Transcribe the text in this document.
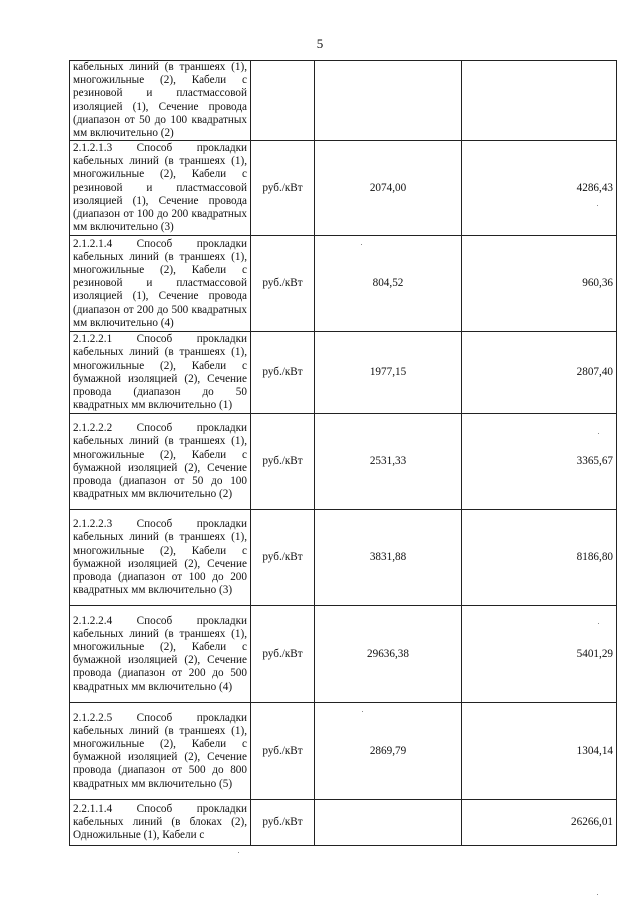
5
кабельных линий (в траншеях (1), многожильные (2), Кабели с резиновой и пластмассовой изоляцией (1), Сечение провода (диапазон от 50 до 100 квадратных мм включительно (2)			
2.1.2.1.3 Способ прокладки кабельных линий (в траншеях (1), многожильные (2), Кабели с резиновой и пластмассовой изоляцией (1), Сечение провода (диапазон от 100 до 200 квадратных мм включительно (3)	руб./кВт	2074,00	4286,43
2.1.2.1.4 Способ прокладки кабельных линий (в траншеях (1), многожильные (2), Кабели с резиновой и пластмассовой изоляцией (1), Сечение провода (диапазон от 200 до 500 квадратных мм включительно (4)	руб./кВт	804,52	960,36
2.1.2.2.1 Способ прокладки кабельных линий (в траншеях (1), многожильные (2), Кабели с бумажной изоляцией (2), Сечение провода (диапазон до 50 квадратных мм включительно (1)	руб./кВт	1977,15	2807,40
2.1.2.2.2 Способ прокладки кабельных линий (в траншеях (1), многожильные (2), Кабели с бумажной изоляцией (2), Сечение провода (диапазон от 50 до 100 квадратных мм включительно (2)	руб./кВт	2531,33	3365,67
2.1.2.2.3 Способ прокладки кабельных линий (в траншеях (1), многожильные (2), Кабели с бумажной изоляцией (2), Сечение провода (диапазон от 100 до 200 квадратных мм включительно (3)	руб./кВт	3831,88	8186,80
2.1.2.2.4 Способ прокладки кабельных линий (в траншеях (1), многожильные (2), Кабели с бумажной изоляцией (2), Сечение провода (диапазон от 200 до 500 квадратных мм включительно (4)	руб./кВт	29636,38	5401,29
2.1.2.2.5 Способ прокладки кабельных линий (в траншеях (1), многожильные (2), Кабели с бумажной изоляцией (2), Сечение провода (диапазон от 500 до 800 квадратных мм включительно (5)	руб./кВт	2869,79	1304,14
2.2.1.1.4 Способ прокладки кабельных линий (в блоках (2), Одножильные (1), Кабели с	руб./кВт		26266,01
